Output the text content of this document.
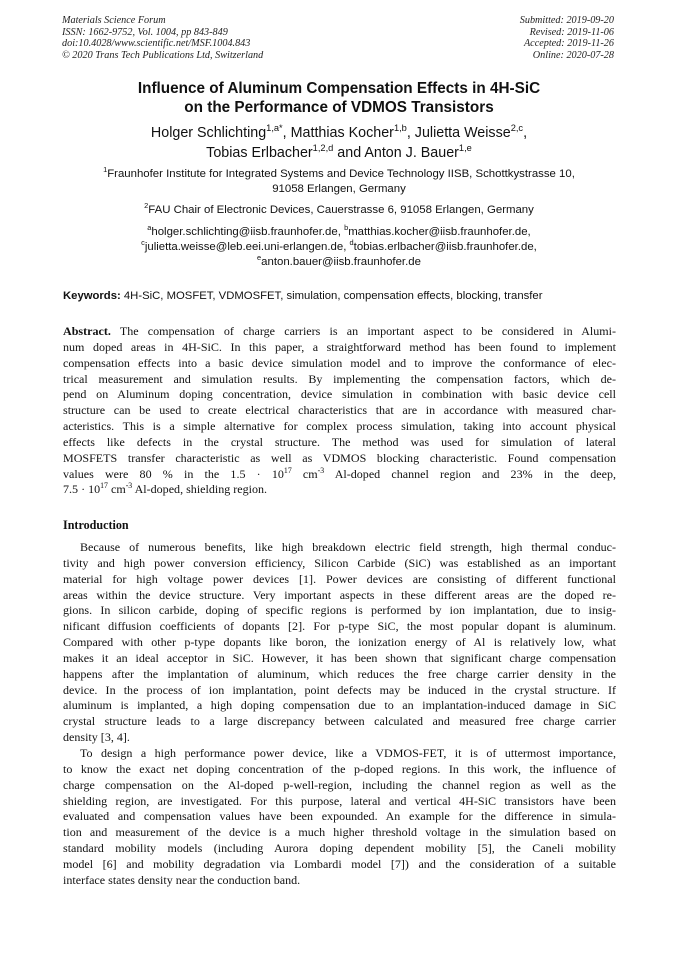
Materials Science Forum
ISSN: 1662-9752, Vol. 1004, pp 843-849
doi:10.4028/www.scientific.net/MSF.1004.843
© 2020 Trans Tech Publications Ltd, Switzerland
Submitted: 2019-09-20
Revised: 2019-11-06
Accepted: 2019-11-26
Online: 2020-07-28
Influence of Aluminum Compensation Effects in 4H-SiC
on the Performance of VDMOS Transistors
Holger Schlichting$^{1,a*}$, Matthias Kocher$^{1,b}$, Julietta Weisse$^{2,c}$,
Tobias Erlbacher$^{1,2,d}$ and Anton J. Bauer$^{1,e}$
$^1$Fraunhofer Institute for Integrated Systems and Device Technology IISB, Schottkystrasse 10,
91058 Erlangen, Germany
$^2$FAU Chair of Electronic Devices, Cauerstrasse 6, 91058 Erlangen, Germany
$^a$holger.schlichting@iisb.fraunhofer.de, $^b$matthias.kocher@iisb.fraunhofer.de,
$^c$julietta.weisse@leb.eei.uni-erlangen.de, $^d$tobias.erlbacher@iisb.fraunhofer.de,
$^e$anton.bauer@iisb.fraunhofer.de
Keywords: 4H-SiC, MOSFET, VDMOSFET, simulation, compensation effects, blocking, transfer
Abstract. The compensation of charge carriers is an important aspect to be considered in Alumi-
num doped areas in 4H-SiC. In this paper, a straightforward method has been found to implement
compensation effects into a basic device simulation model and to improve the conformance of elec-
trical measurement and simulation results. By implementing the compensation factors, which de-
pend on Aluminum doping concentration, device simulation in combination with basic device cell
structure can be used to create electrical characteristics that are in accordance with measured char-
acteristics. This is a simple alternative for complex process simulation, taking into account physical
effects like defects in the crystal structure. The method was used for simulation of lateral
MOSFETS transfer characteristic as well as VDMOS blocking characteristic. Found compensation
values were 80 % in the $1.5 \cdot 10^{17}$ $cm^{-3}$ Al-doped channel region and 23% in the deep,
$7.5 \cdot 10^{17}$ $cm^{-3}$ Al-doped, shielding region.
Introduction
Because of numerous benefits, like high breakdown electric field strength, high thermal conduc-
tivity and high power conversion efficiency, Silicon Carbide (SiC) was established as an important
material for high voltage power devices [1]. Power devices are consisting of different functional
areas within the device structure. Very important aspects in these different areas are the doped re-
gions. In silicon carbide, doping of specific regions is performed by ion implantation, due to insig-
nificant diffusion coefficients of dopants [2]. For p-type SiC, the most popular dopant is aluminum.
Compared with other p-type dopants like boron, the ionization energy of Al is relatively low, what
makes it an ideal acceptor in SiC. However, it has been shown that significant charge compensation
happens after the implantation of aluminum, which reduces the free charge carrier density in the
device. In the process of ion implantation, point defects may be induced in the crystal structure. If
aluminum is implanted, a high doping compensation due to an implantation-induced damage in SiC
crystal structure leads to a large discrepancy between calculated and measured free charge carrier
density [3, 4].
To design a high performance power device, like a VDMOS-FET, it is of uttermost importance,
to know the exact net doping concentration of the p-doped regions. In this work, the influence of
charge compensation on the Al-doped p-well-region, including the channel region as well as the
shielding region, are investigated. For this purpose, lateral and vertical 4H-SiC transistors have been
evaluated and compensation values have been expounded. An example for the difference in simula-
tion and measurement of the device is a much higher threshold voltage in the simulation based on
standard mobility models (including Aurora doping dependent mobility [5], the Caneli mobility
model [6] and mobility degradation via Lombardi model [7]) and the consideration of a suitable
interface states density near the conduction band.
